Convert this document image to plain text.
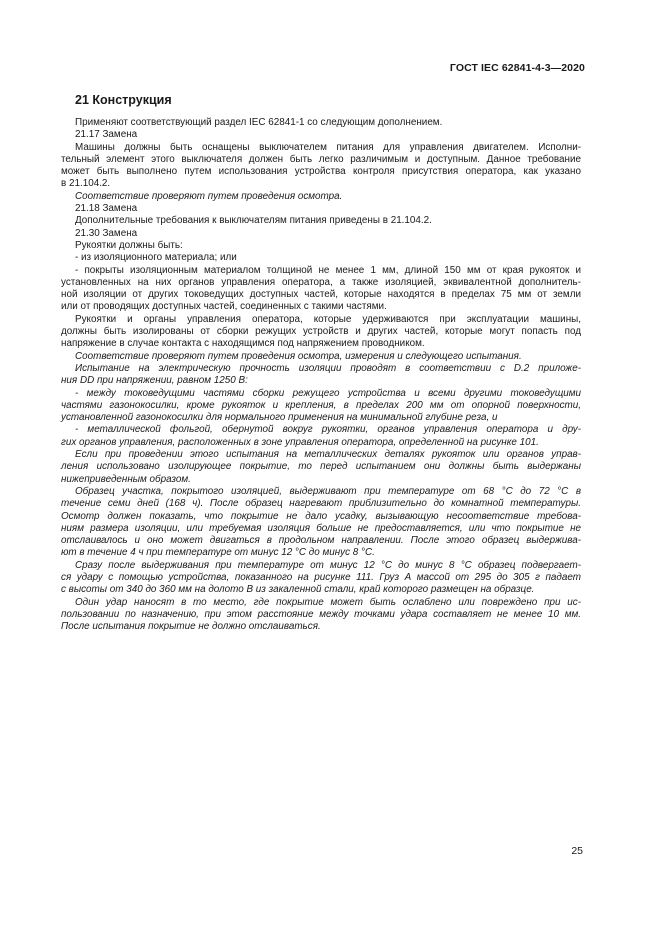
ГОСТ IEC 62841-4-3—2020
21 Конструкция
Применяют соответствующий раздел IEC 62841-1 со следующим дополнением.
21.17 Замена
Машины должны быть оснащены выключателем питания для управления двигателем. Исполни-
тельный элемент этого выключателя должен быть легко различимым и доступным. Данное требование
может быть выполнено путем использования устройства контроля присутствия оператора, как указано
в 21.104.2.
Соответствие проверяют путем проведения осмотра.
21.18 Замена
Дополнительные требования к выключателям питания приведены в 21.104.2.
21.30 Замена
Рукоятки должны быть:
- из изоляционного материала; или
- покрыты изоляционным материалом толщиной не менее 1 мм, длиной 150 мм от края рукояток и
установленных на них органов управления оператора, а также изоляцией, эквивалентной дополнитель-
ной изоляции от других токоведущих доступных частей, которые находятся в пределах 75 мм от земли
или от проводящих доступных частей, соединенных с такими частями.
Рукоятки и органы управления оператора, которые удерживаются при эксплуатации машины,
должны быть изолированы от сборки режущих устройств и других частей, которые могут попасть под
напряжение в случае контакта с находящимся под напряжением проводником.
Соответствие проверяют путем проведения осмотра, измерения и следующего испытания.
Испытание на электрическую прочность изоляции проводят в соответствии с D.2 приложе-
ния DD при напряжении, равном 1250 В:
- между токоведущими частями сборки режущего устройства и всеми другими токоведущими
частями газонокосилки, кроме рукояток и крепления, в пределах 200 мм от опорной поверхности,
установленной газонокосилки для нормального применения на минимальной глубине реза, и
- металлической фольгой, обернутой вокруг рукоятки, органов управления оператора и дру-
гих органов управления, расположенных в зоне управления оператора, определенной на рисунке 101.
Если при проведении этого испытания на металлических деталях рукояток или органов управ-
ления использовано изолирующее покрытие, то перед испытанием они должны быть выдержаны
нижеприведенным образом.
Образец участка, покрытого изоляцией, выдерживают при температуре от 68 °С до 72 °С в
течение семи дней (168 ч). После образец нагревают приблизительно до комнатной температуры.
Осмотр должен показать, что покрытие не дало усадку, вызывающую несоответствие требова-
ниям размера изоляции, или требуемая изоляция больше не предоставляется, или что покрытие не
отслаивалось и оно может двигаться в продольном направлении. После этого образец выдержива-
ют в течение 4 ч при температуре от минус 12 °С до минус 8 °С.
Сразу после выдерживания при температуре от минус 12 °С до минус 8 °С образец подвергает-
ся удару с помощью устройства, показанного на рисунке 111. Груз А массой от 295 до 305 г падает
с высоты от 340 до 360 мм на долото В из закаленной стали, край которого размещен на образце.
Один удар наносят в то место, где покрытие может быть ослаблено или повреждено при ис-
пользовании по назначению, при этом расстояние между точками удара составляет не менее 10 мм.
После испытания покрытие не должно отслаиваться.
25
